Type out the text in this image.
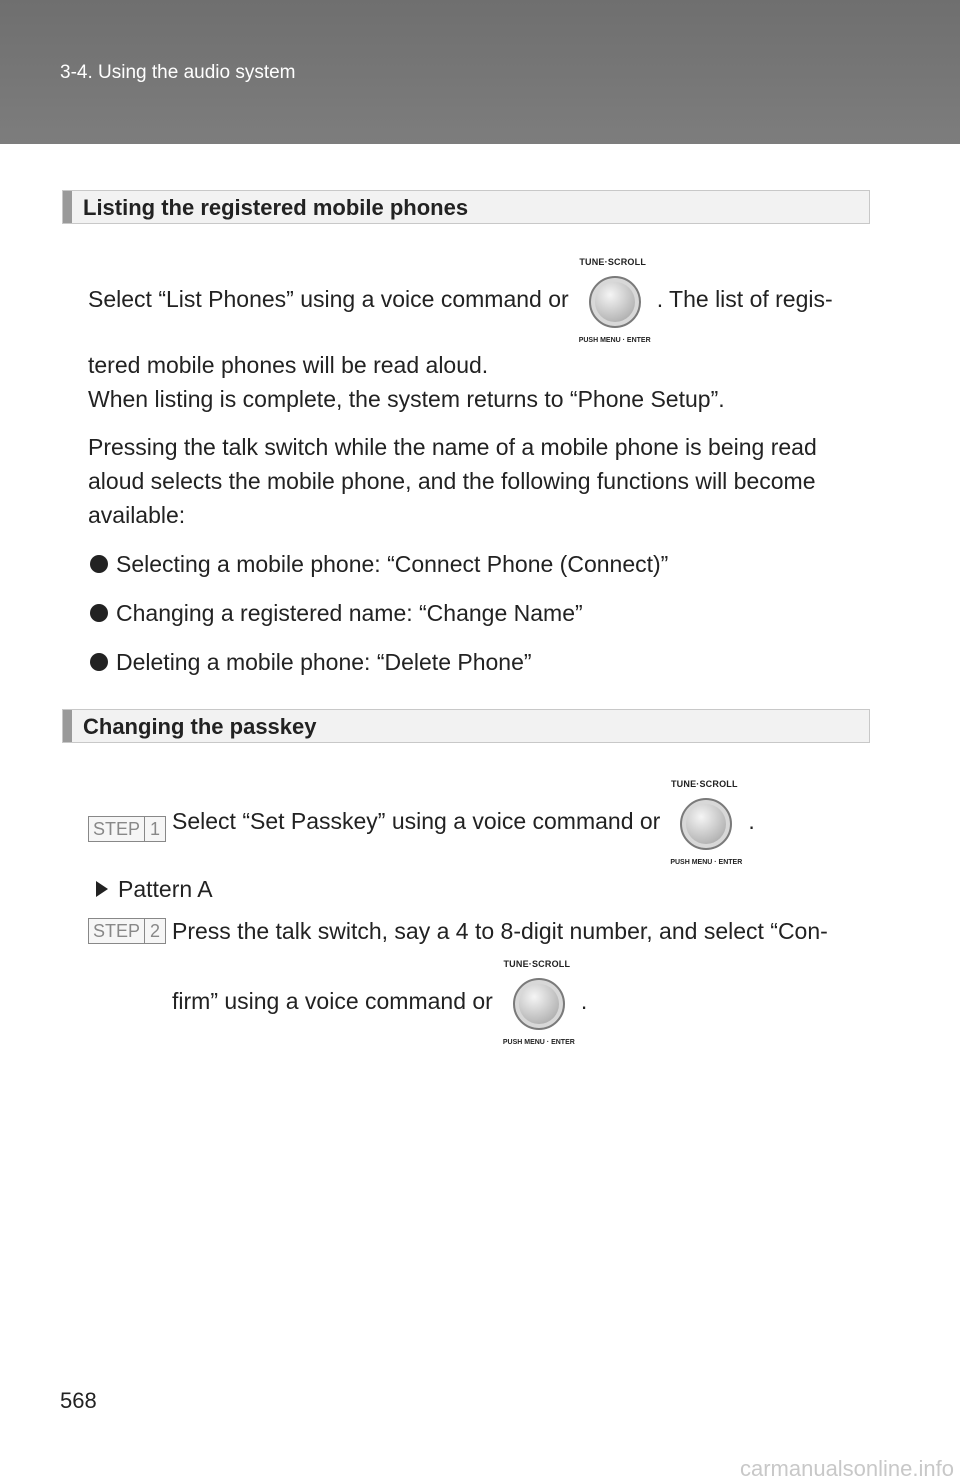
3-4. Using the audio system
Listing the registered mobile phones
Select “List Phones” using a voice command or
TUNE·SCROLL
PUSH MENU · ENTER
. The list of regis-
tered mobile phones will be read aloud.
When listing is complete, the system returns to “Phone Setup”.
Pressing the talk switch while the name of a mobile phone is being read
aloud selects the mobile phone, and the following functions will become
available:
Selecting a mobile phone: “Connect Phone (Connect)”
Changing a registered name: “Change Name”
Deleting a mobile phone: “Delete Phone”
Changing the passkey
STEP 1 Select “Set Passkey” using a voice command or
TUNE·SCROLL
PUSH MENU · ENTER
.
Pattern A
STEP 2 Press the talk switch, say a 4 to 8-digit number, and select “Con-
firm” using a voice command or
TUNE·SCROLL
PUSH MENU · ENTER
.
568
carmanualsonline.info
